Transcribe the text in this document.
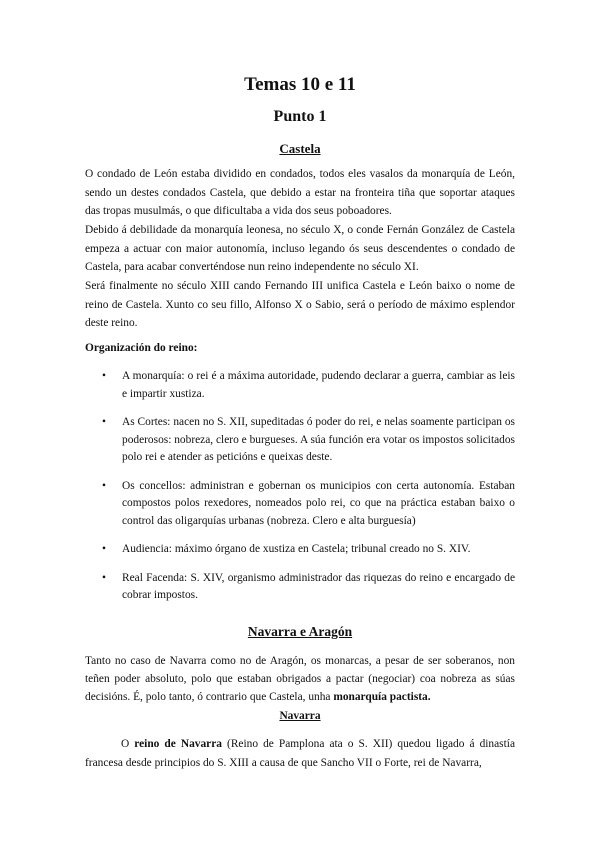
Temas 10 e 11
Punto 1
Castela

O condado de León estaba dividido en condados, todos eles vasalos da monarquía de León, sendo un destes condados Castela, que debido a estar na fronteira tiña que soportar ataques das tropas musulmás, o que dificultaba a vida dos seus poboadores.

Debido á debilidade da monarquía leonesa, no século X, o conde Fernán González de Castela empeza a actuar con maior autonomía, incluso legando ós seus descendentes o condado de Castela, para acabar converténdose nun reino independente no século XI.

Será finalmente no século XIII cando Fernando III unifica Castela e León baixo o nome de reino de Castela. Xunto co seu fillo, Alfonso X o Sabio, será o período de máximo esplendor deste reino.

Organización do reino:

• A monarquía: o rei é a máxima autoridade, pudendo declarar a guerra, cambiar as leis e impartir xustiza.
• As Cortes: nacen no S. XII, supeditadas ó poder do rei, e nelas soamente participan os poderosos: nobreza, clero e burgueses. A súa función era votar os impostos solicitados polo rei e atender as peticións e queixas deste.
• Os concellos: administran e gobernan os municipios con certa autonomía. Estaban compostos polos rexedores, nomeados polo rei, co que na práctica estaban baixo o control das oligarquías urbanas (nobreza. Clero e alta burguesía)
• Audiencia: máximo órgano de xustiza en Castela; tribunal creado no S. XIV.
• Real Facenda: S. XIV, organismo administrador das riquezas do reino e encargado de cobrar impostos.
Navarra e Aragón

Tanto no caso de Navarra como no de Aragón, os monarcas, a pesar de ser soberanos, non teñen poder absoluto, polo que estaban obrigados a pactar (negociar) coa nobreza as súas decisións. É, polo tanto, ó contrario que Castela, unha monarquía pactista.

Navarra

O reino de Navarra (Reino de Pamplona ata o S. XII) quedou ligado á dinastía francesa desde principios do S. XIII a causa de que Sancho VII o Forte, rei de Navarra,
